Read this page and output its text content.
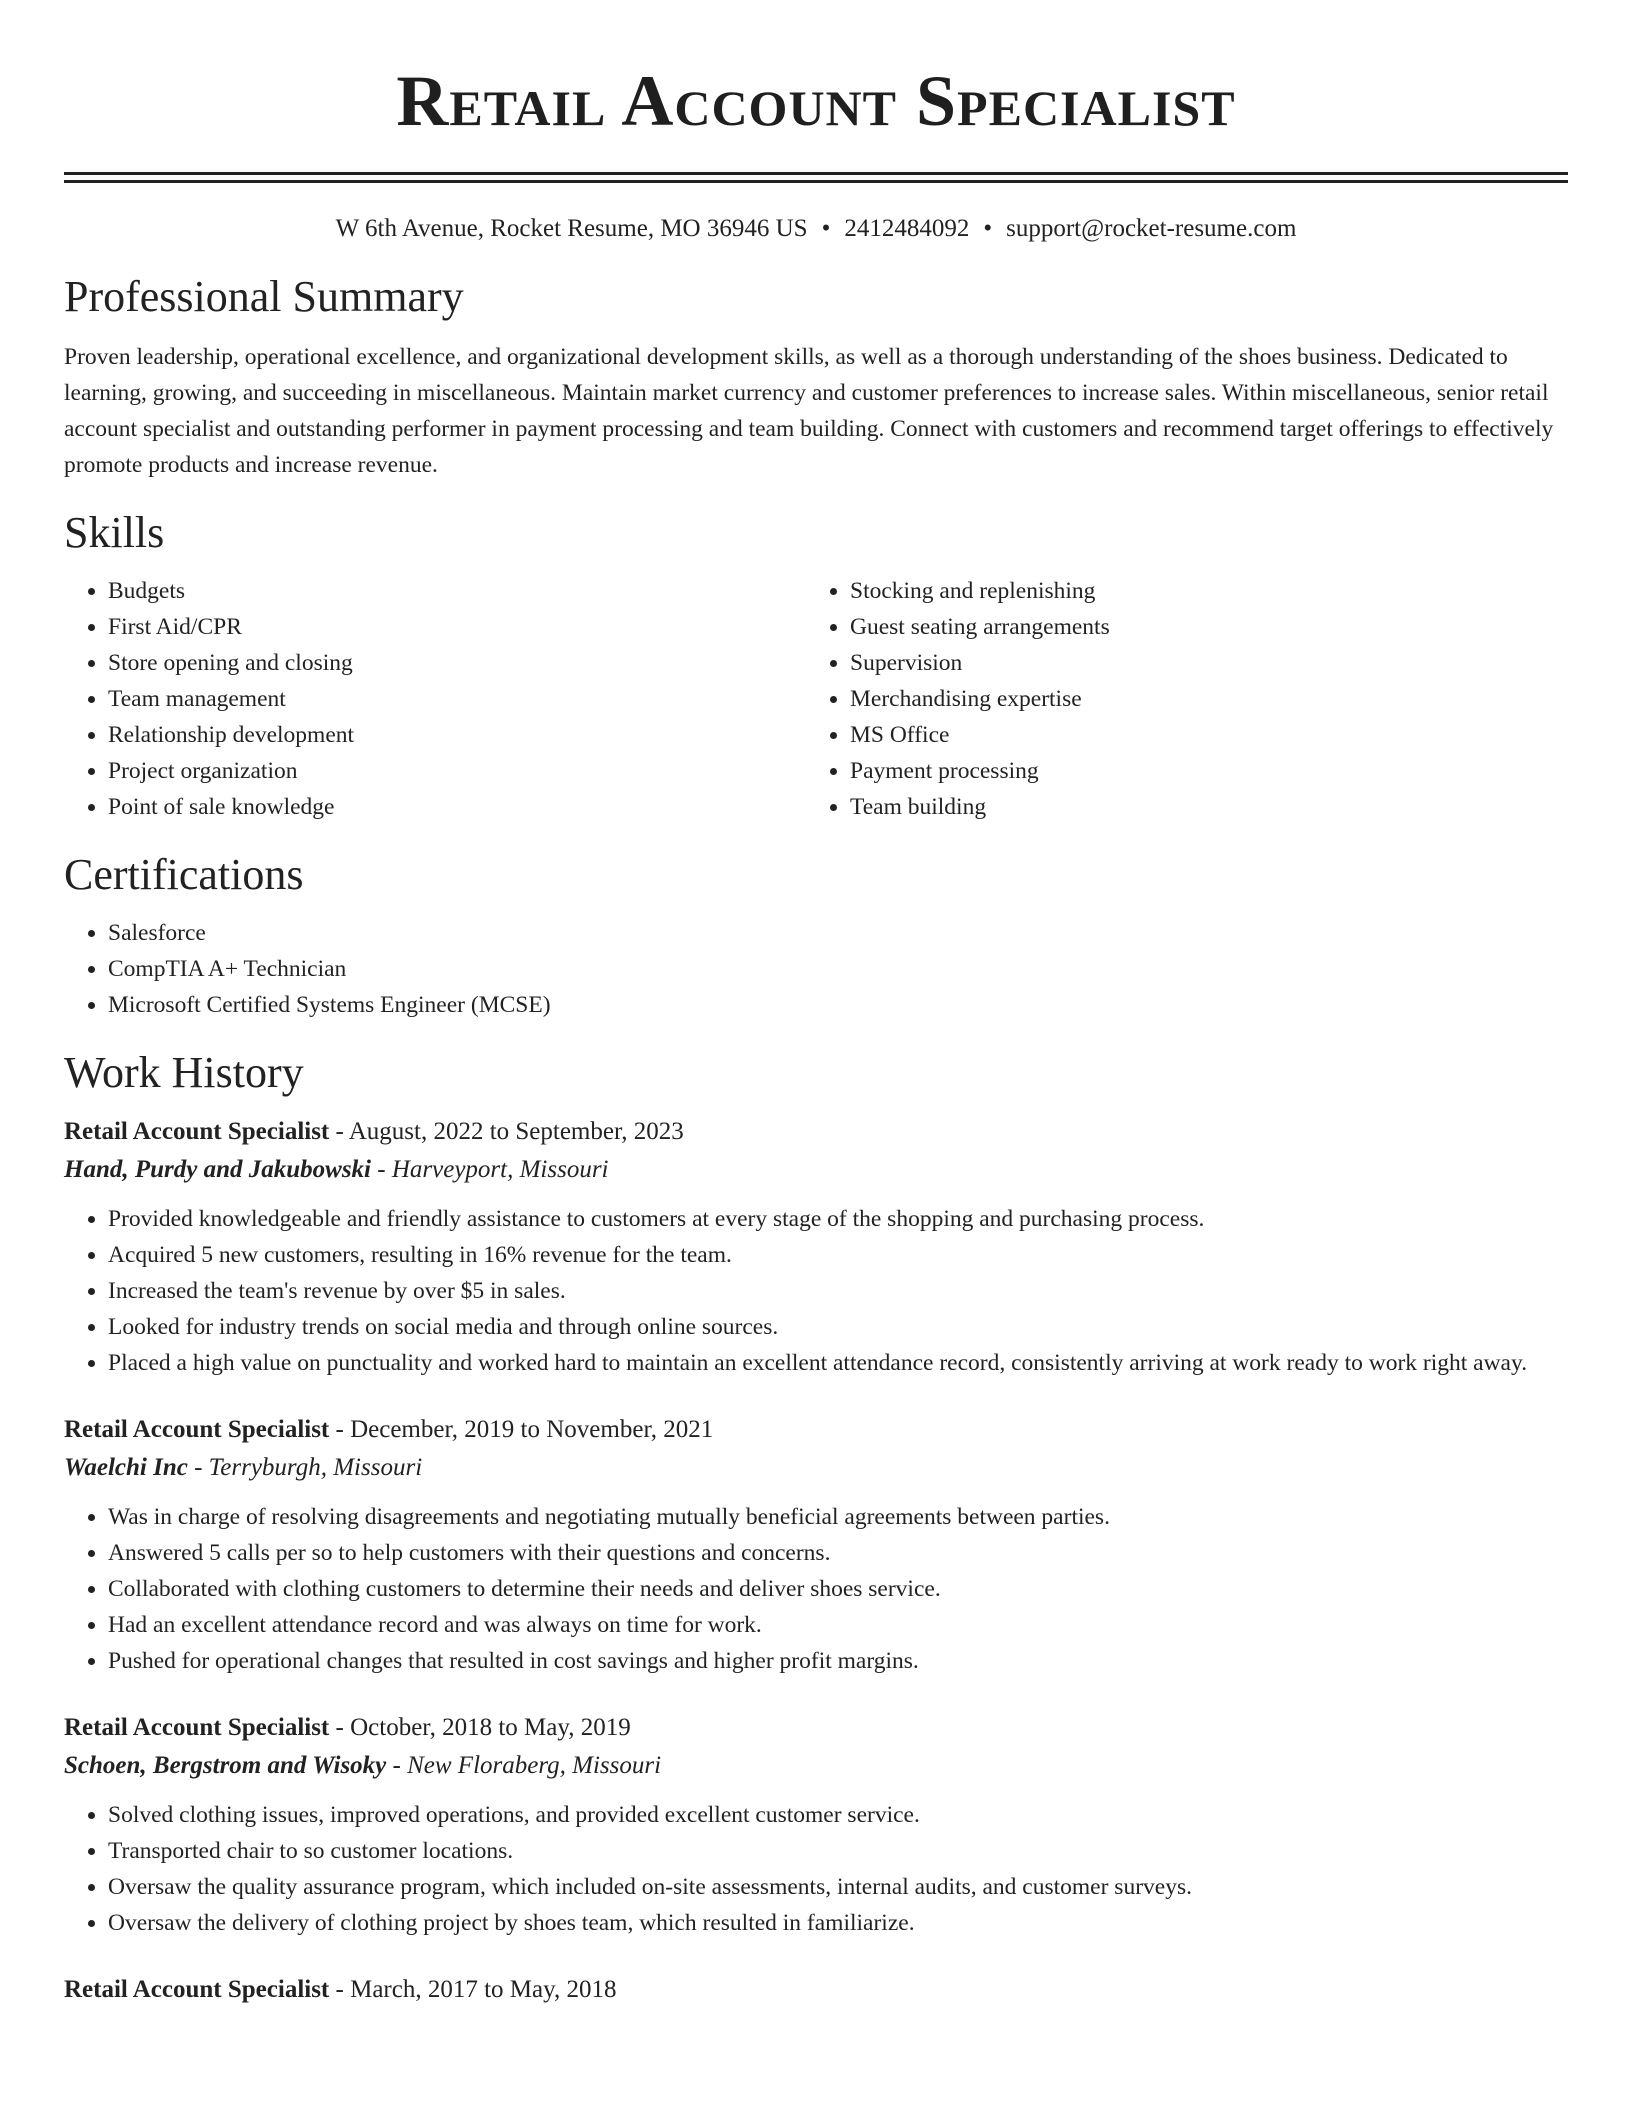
Retail Account Specialist
W 6th Avenue, Rocket Resume, MO 36946 US • 2412484092 • support@rocket-resume.com
Professional Summary

Proven leadership, operational excellence, and organizational development skills, as well as a thorough understanding of the shoes business. Dedicated to learning, growing, and succeeding in miscellaneous. Maintain market currency and customer preferences to increase sales. Within miscellaneous, senior retail account specialist and outstanding performer in payment processing and team building. Connect with customers and recommend target offerings to effectively promote products and increase revenue.

Skills
• Budgets
• First Aid/CPR
• Store opening and closing
• Team management
• Relationship development
• Project organization
• Point of sale knowledge
• Stocking and replenishing
• Guest seating arrangements
• Supervision
• Merchandising expertise
• MS Office
• Payment processing
• Team building
Certifications
• Salesforce
• CompTIA A+ Technician
• Microsoft Certified Systems Engineer (MCSE)
Work History
Retail Account Specialist - August, 2022 to September, 2023
Hand, Purdy and Jakubowski - Harveyport, Missouri
• Provided knowledgeable and friendly assistance to customers at every stage of the shopping and purchasing process.
• Acquired 5 new customers, resulting in 16% revenue for the team.
• Increased the team's revenue by over $5 in sales.
• Looked for industry trends on social media and through online sources.
• Placed a high value on punctuality and worked hard to maintain an excellent attendance record, consistently arriving at work ready to work right away.
Retail Account Specialist - December, 2019 to November, 2021
Waelchi Inc - Terryburgh, Missouri
• Was in charge of resolving disagreements and negotiating mutually beneficial agreements between parties.
• Answered 5 calls per so to help customers with their questions and concerns.
• Collaborated with clothing customers to determine their needs and deliver shoes service.
• Had an excellent attendance record and was always on time for work.
• Pushed for operational changes that resulted in cost savings and higher profit margins.
Retail Account Specialist - October, 2018 to May, 2019
Schoen, Bergstrom and Wisoky - New Floraberg, Missouri
• Solved clothing issues, improved operations, and provided excellent customer service.
• Transported chair to so customer locations.
• Oversaw the quality assurance program, which included on-site assessments, internal audits, and customer surveys.
• Oversaw the delivery of clothing project by shoes team, which resulted in familiarize.
Retail Account Specialist - March, 2017 to May, 2018
